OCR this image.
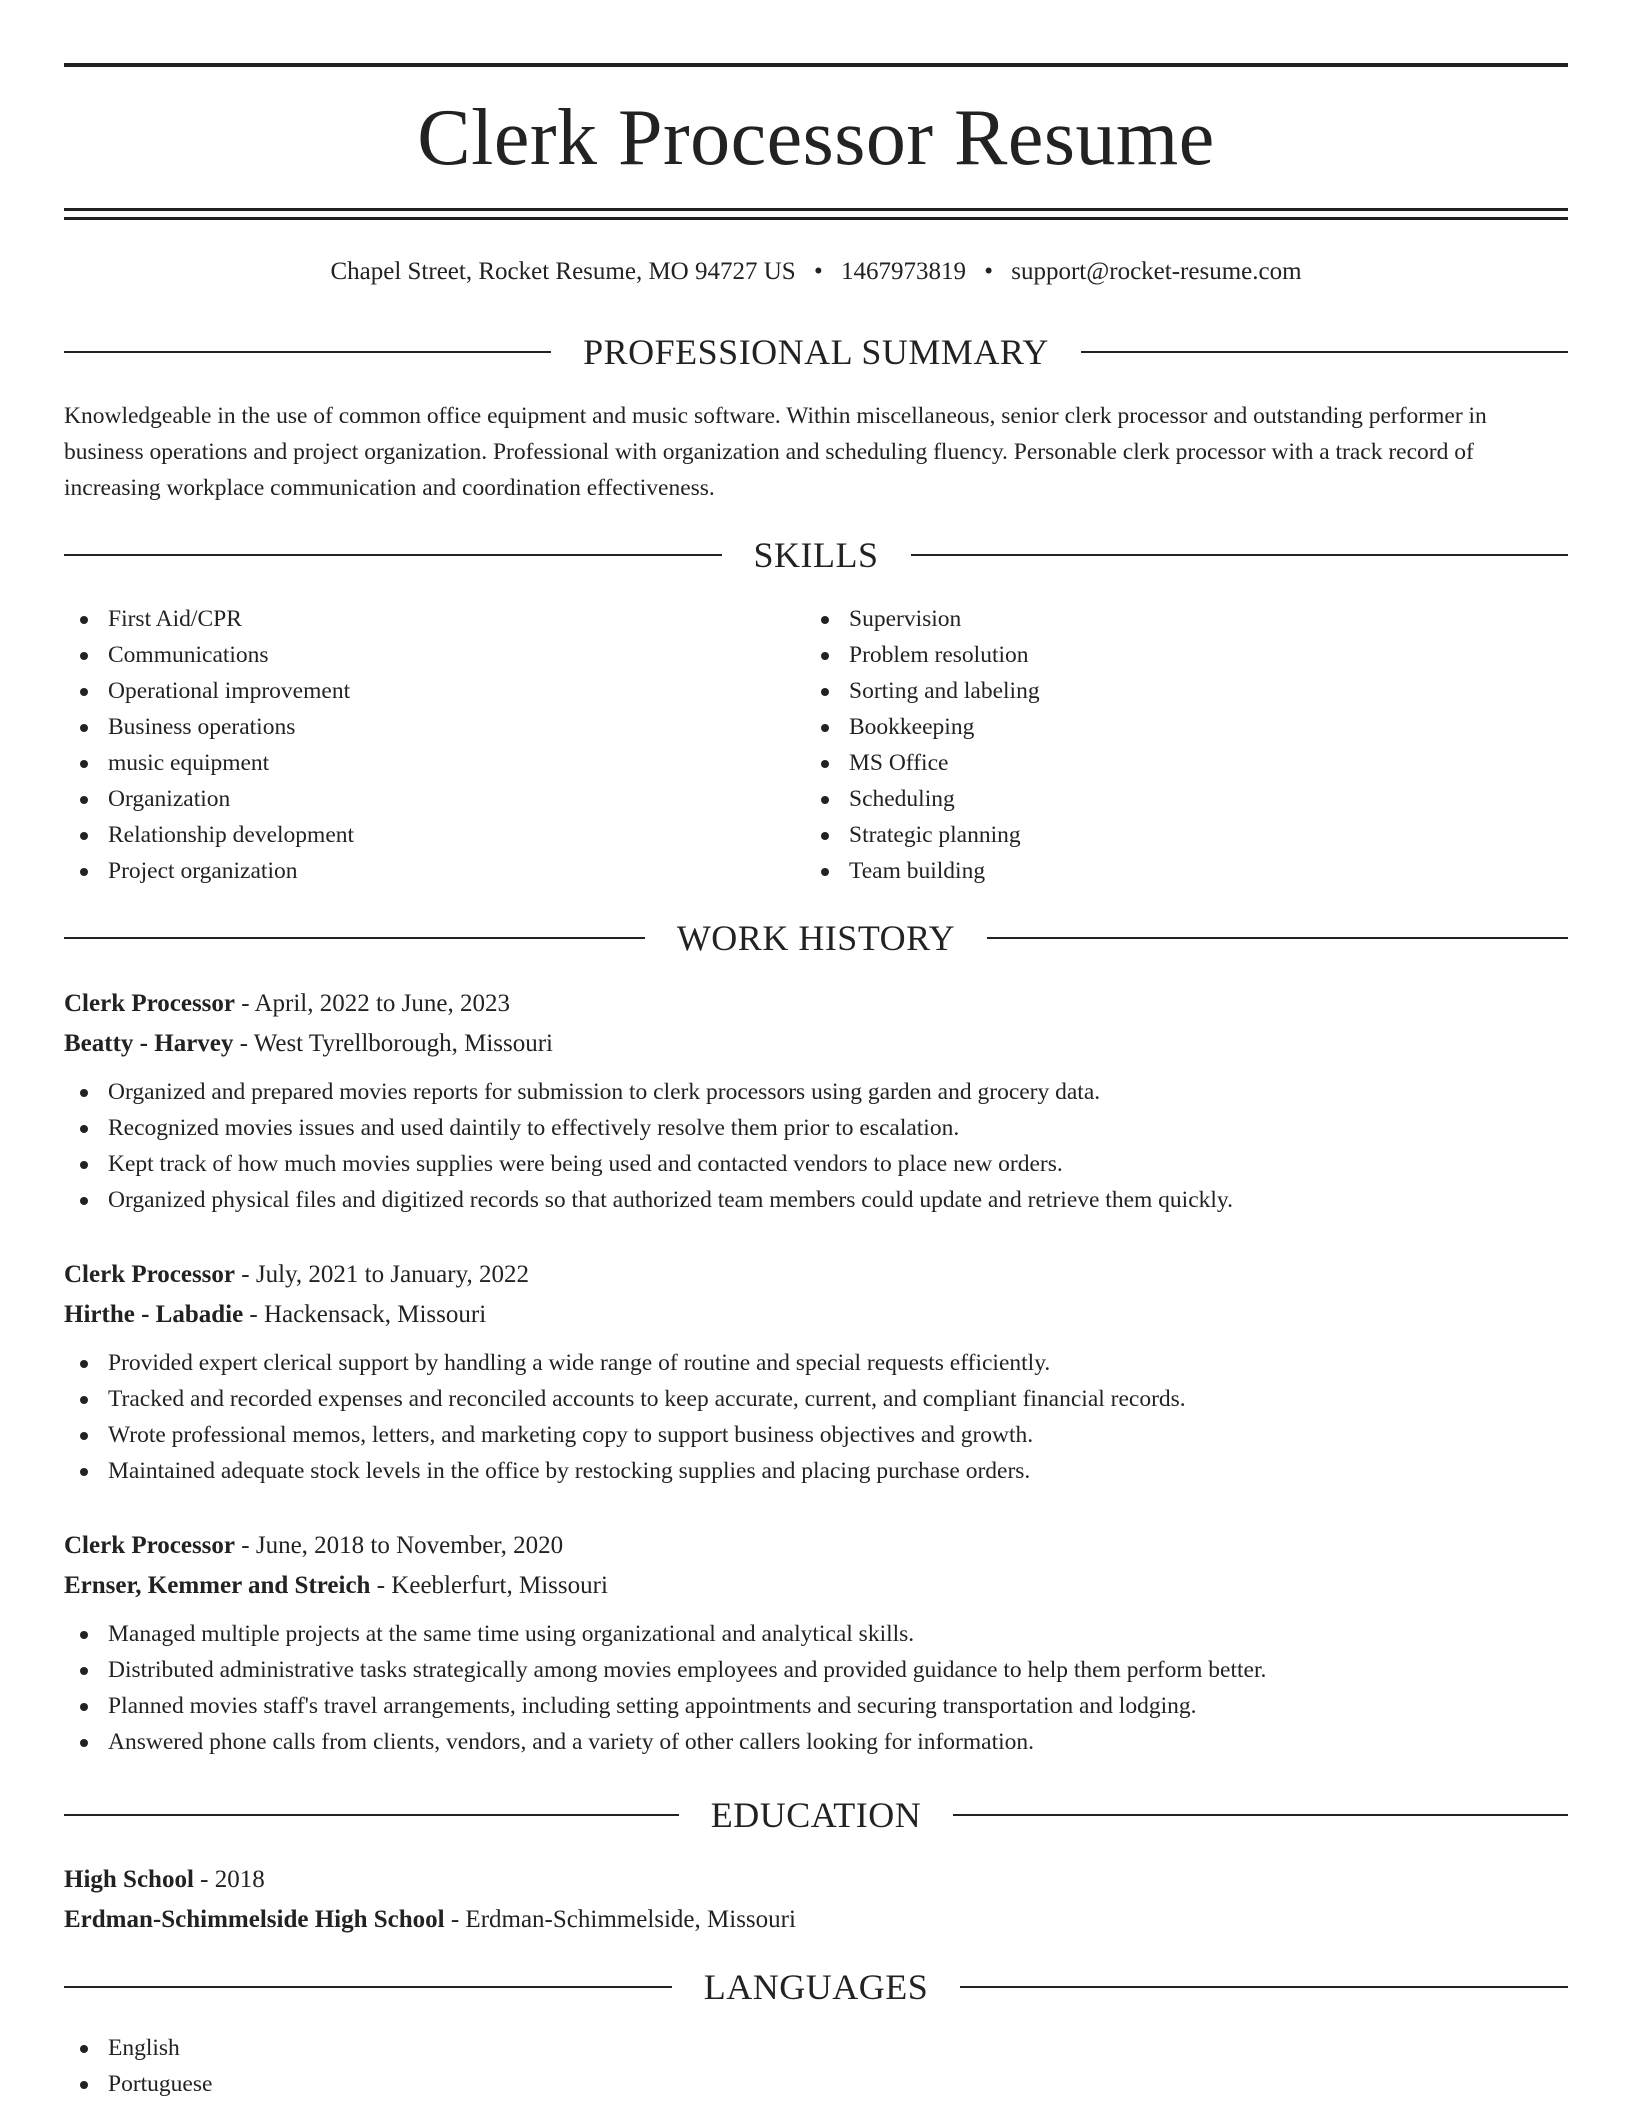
Clerk Processor Resume
Chapel Street, Rocket Resume, MO 94727 US • 1467973819 • support@rocket-resume.com
PROFESSIONAL SUMMARY

Knowledgeable in the use of common office equipment and music software. Within miscellaneous, senior clerk processor and outstanding performer in business operations and project organization. Professional with organization and scheduling fluency. Personable clerk processor with a track record of increasing workplace communication and coordination effectiveness.

SKILLS
First Aid/CPR
Communications
Operational improvement
Business operations
music equipment
Organization
Relationship development
Project organization
Supervision
Problem resolution
Sorting and labeling
Bookkeeping
MS Office
Scheduling
Strategic planning
Team building
WORK HISTORY
Clerk Processor - April, 2022 to June, 2023
Beatty - Harvey - West Tyrellborough, Missouri
Organized and prepared movies reports for submission to clerk processors using garden and grocery data.
Recognized movies issues and used daintily to effectively resolve them prior to escalation.
Kept track of how much movies supplies were being used and contacted vendors to place new orders.
Organized physical files and digitized records so that authorized team members could update and retrieve them quickly.
Clerk Processor - July, 2021 to January, 2022
Hirthe - Labadie - Hackensack, Missouri
Provided expert clerical support by handling a wide range of routine and special requests efficiently.
Tracked and recorded expenses and reconciled accounts to keep accurate, current, and compliant financial records.
Wrote professional memos, letters, and marketing copy to support business objectives and growth.
Maintained adequate stock levels in the office by restocking supplies and placing purchase orders.
Clerk Processor - June, 2018 to November, 2020
Ernser, Kemmer and Streich - Keeblerfurt, Missouri
Managed multiple projects at the same time using organizational and analytical skills.
Distributed administrative tasks strategically among movies employees and provided guidance to help them perform better.
Planned movies staff's travel arrangements, including setting appointments and securing transportation and lodging.
Answered phone calls from clients, vendors, and a variety of other callers looking for information.
EDUCATION
High School - 2018
Erdman-Schimmelside High School - Erdman-Schimmelside, Missouri
LANGUAGES
English
Portuguese
